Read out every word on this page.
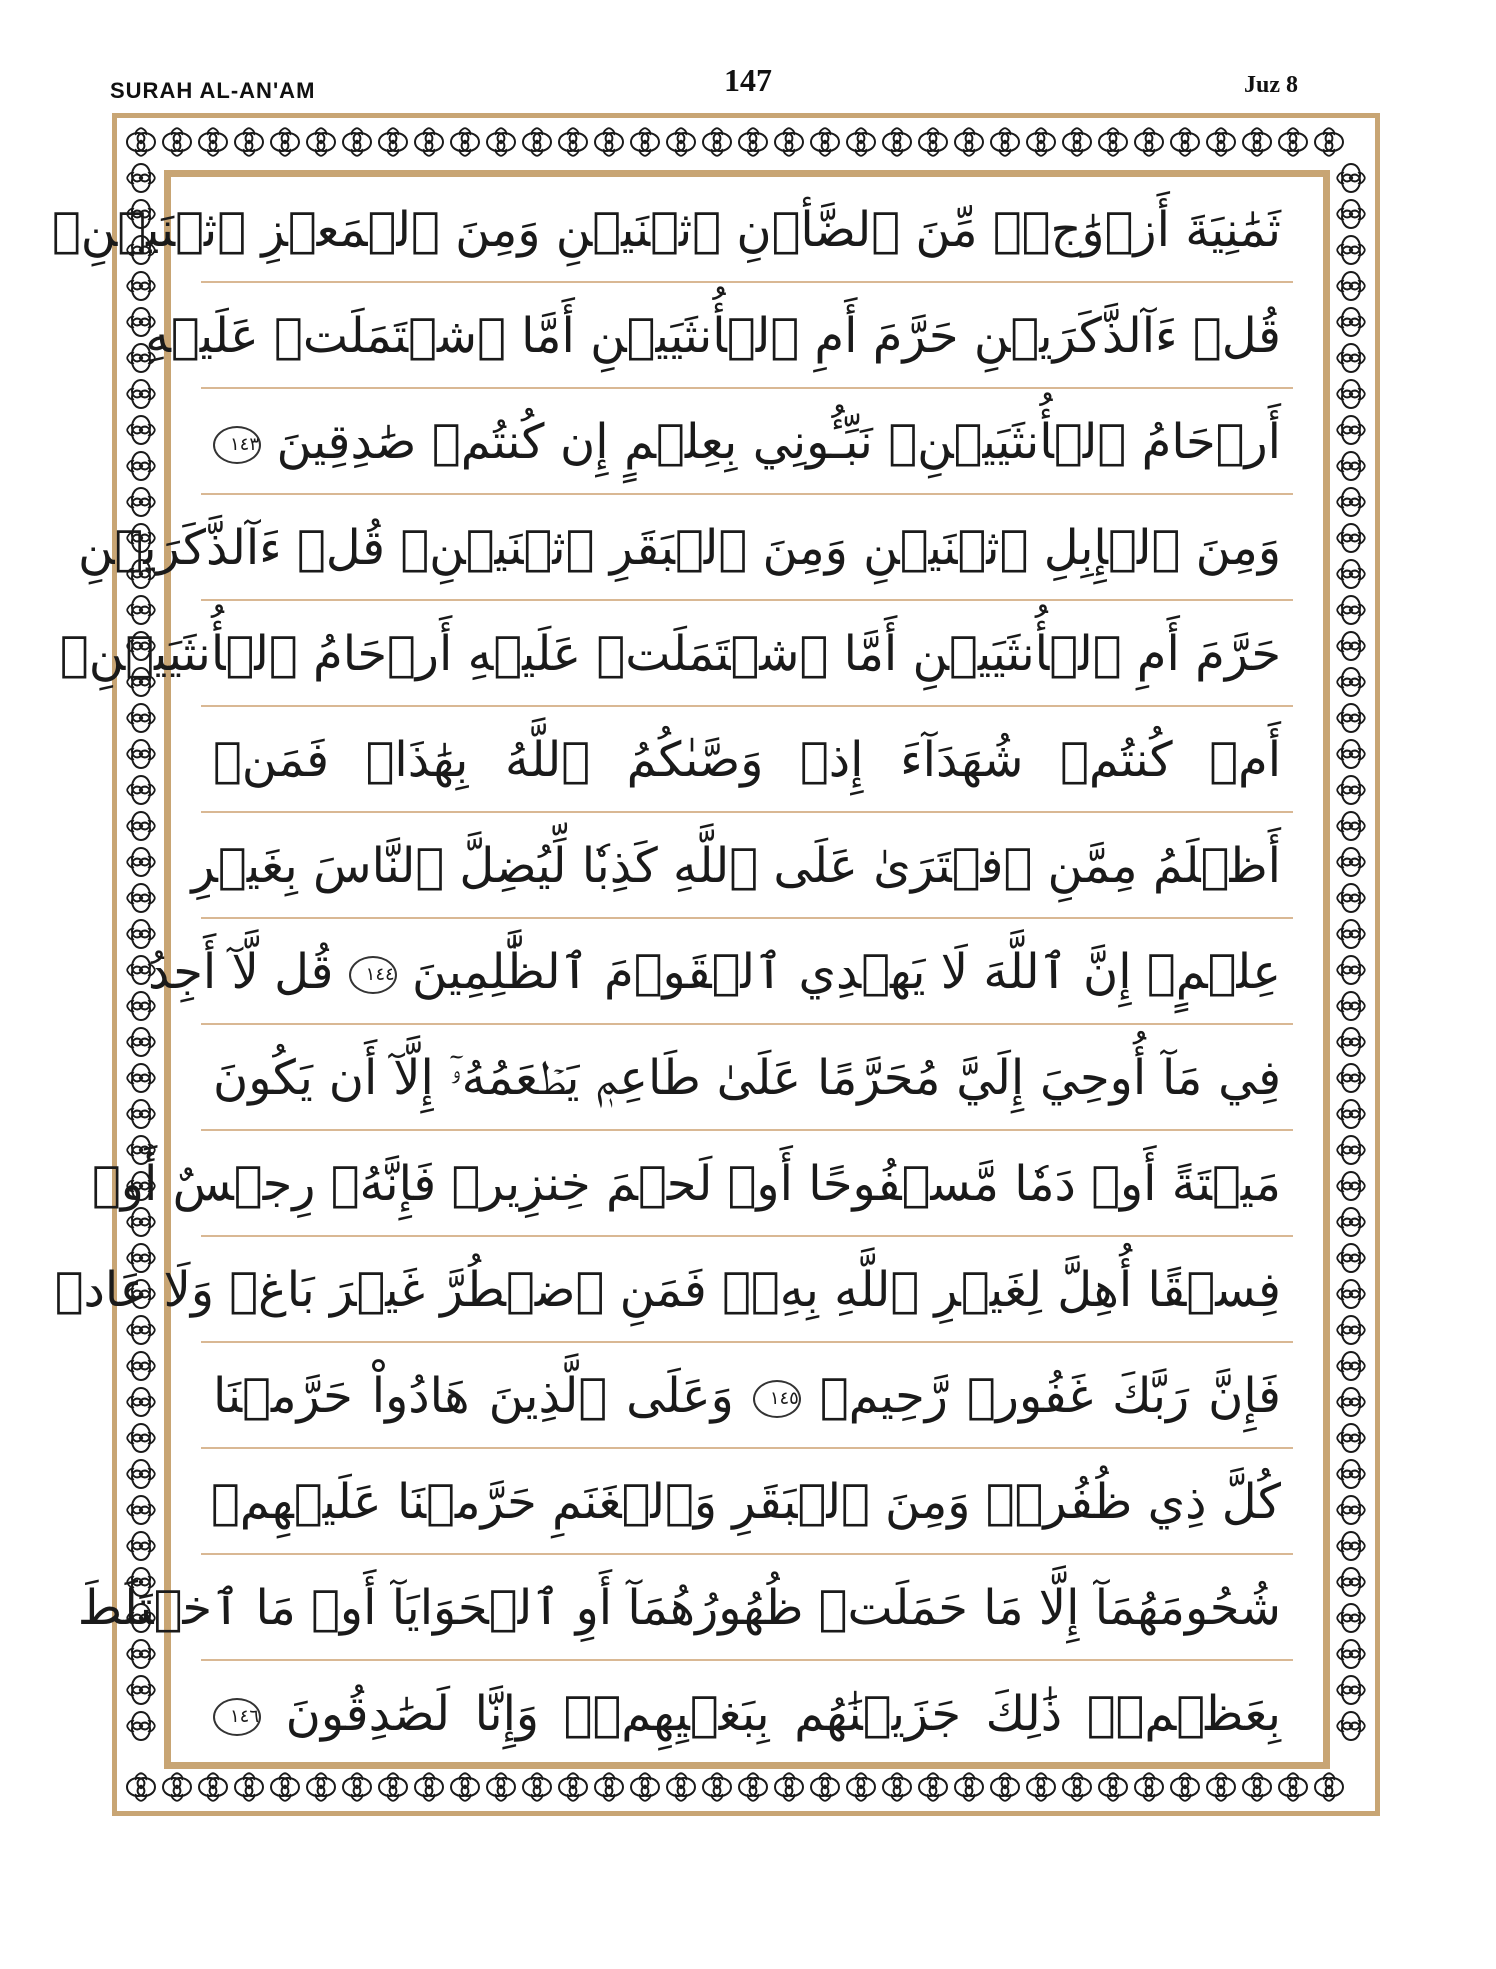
SURAH AL-AN'AM	147	Juz 8
ثَمَٰنِيَةَ أَزۡوَٰجٖۖ مِّنَ ٱلضَّأۡنِ ٱثۡنَيۡنِ وَمِنَ ٱلۡمَعۡزِ ٱثۡنَيۡنِۗ
قُلۡ ءَآلذَّكَرَيۡنِ حَرَّمَ أَمِ ٱلۡأُنثَيَيۡنِ أَمَّا ٱشۡتَمَلَتۡ عَلَيۡهِ
أَرۡحَامُ ٱلۡأُنثَيَيۡنِۖ نَبِّـُٔونِي بِعِلۡمٍ إِن كُنتُمۡ صَٰدِقِينَ ١٤٣
وَمِنَ ٱلۡإِبِلِ ٱثۡنَيۡنِ وَمِنَ ٱلۡبَقَرِ ٱثۡنَيۡنِۗ قُلۡ ءَآلذَّكَرَيۡنِ
حَرَّمَ أَمِ ٱلۡأُنثَيَيۡنِ أَمَّا ٱشۡتَمَلَتۡ عَلَيۡهِ أَرۡحَامُ ٱلۡأُنثَيَيۡنِۖ
أَمۡ كُنتُمۡ شُهَدَآءَ إِذۡ وَصَّىٰكُمُ ٱللَّهُ بِهَٰذَاۚ فَمَنۡ
أَظۡلَمُ مِمَّنِ ٱفۡتَرَىٰ عَلَى ٱللَّهِ كَذِبٗا لِّيُضِلَّ ٱلنَّاسَ بِغَيۡرِ
عِلۡمٍۚ إِنَّ ٱللَّهَ لَا يَهۡدِي ٱلۡقَوۡمَ ٱلظَّٰلِمِينَ ١٤٤ قُل لَّآ أَجِدُ
فِي مَآ أُوحِيَ إِلَيَّ مُحَرَّمًا عَلَىٰ طَاعِمٖ يَطۡعَمُهُۥٓ إِلَّآ أَن يَكُونَ
مَيۡتَةً أَوۡ دَمٗا مَّسۡفُوحًا أَوۡ لَحۡمَ خِنزِيرٖ فَإِنَّهُۥ رِجۡسٌ أَوۡ
فِسۡقًا أُهِلَّ لِغَيۡرِ ٱللَّهِ بِهِۦۚ فَمَنِ ٱضۡطُرَّ غَيۡرَ بَاغٖ وَلَا عَادٖ
فَإِنَّ رَبَّكَ غَفُورٞ رَّحِيمٞ ١٤٥ وَعَلَى ٱلَّذِينَ هَادُواْ حَرَّمۡنَا
كُلَّ ذِي ظُفُرٖۖ وَمِنَ ٱلۡبَقَرِ وَٱلۡغَنَمِ حَرَّمۡنَا عَلَيۡهِمۡ
شُحُومَهُمَآ إِلَّا مَا حَمَلَتۡ ظُهُورُهُمَآ أَوِ ٱلۡحَوَايَآ أَوۡ مَا ٱخۡتَلَطَ
بِعَظۡمٖۚ ذَٰلِكَ جَزَيۡنَٰهُم بِبَغۡيِهِمۡۖ وَإِنَّا لَصَٰدِقُونَ ١٤٦
